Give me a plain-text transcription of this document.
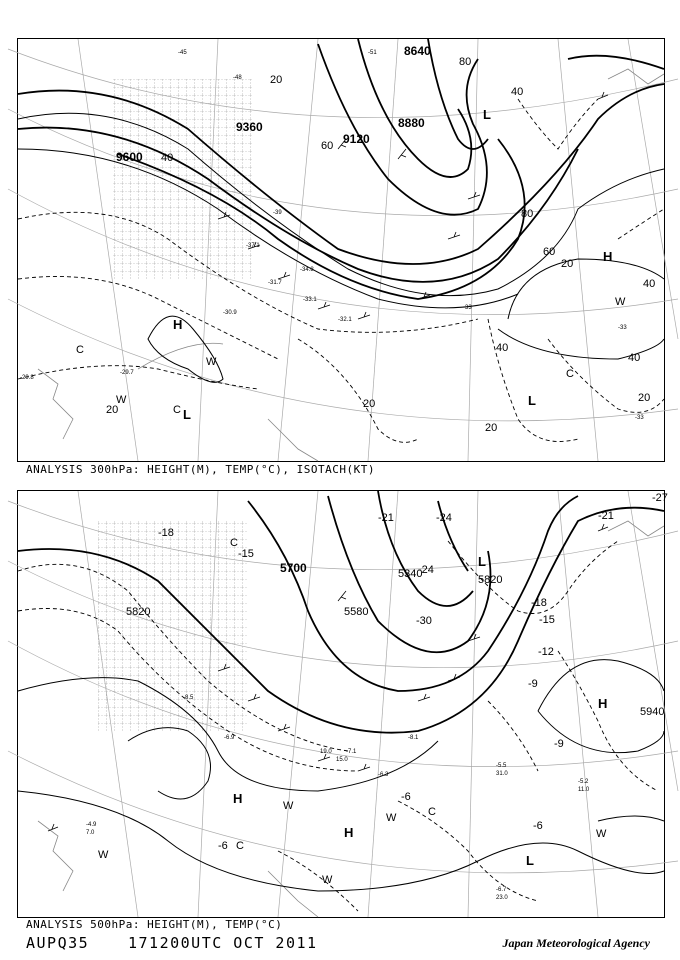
9360
9120
8640
8880
9600
20
40
60
80
40
20
40
20
40
60
80
40
20
20
20
-45
-48
-51
-39
-37.1
-34.8
-31.7
-33.1
-32.1
-30.9
-29.7
-29.8
-33
-33
-33
H
L
L
H
C
C
W
W
L
C
W
ANALYSIS 300hPa: HEIGHT(M), TEMP(°C), ISOTACH(KT)
5700
5580
5340
5820
5940
5820
-18
-15
-12
-9
-6
-6
-21
-24
-27
-30
-24	-21
-18
-15
-9
-6
-8.5
-6.9
-5.5
31.0
-5.2
11.0
-6.7
23.0
-4.9
7.0
-6.3
-7.1
15.0
-8.1
19.0
H
H
H
L
L
C
C
C
W
W
W
W
W
ANALYSIS 500hPa: HEIGHT(M), TEMP(°C)
AUPQ35	171200UTC OCT 2011	Japan Meteorological Agency
